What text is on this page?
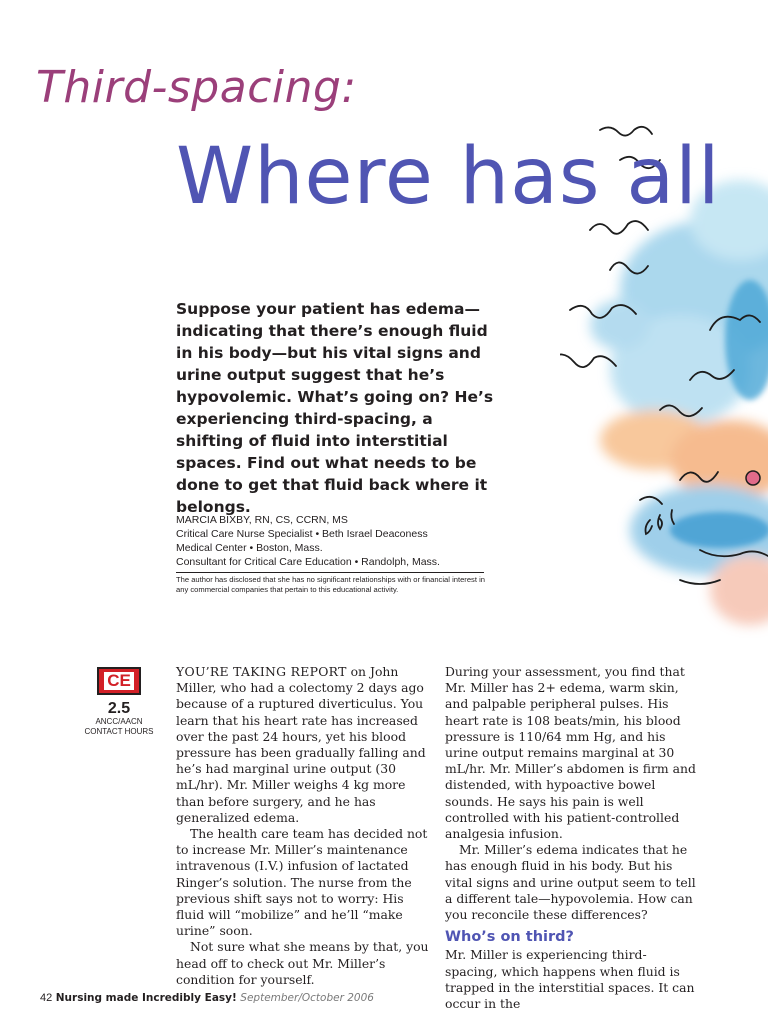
Third-spacing:
Where has all
Suppose your patient has edema—indicating that there’s enough fluid in his body—but his vital signs and urine output suggest that he’s hypovolemic. What’s going on? He’s experiencing third-spacing, a shifting of fluid into interstitial spaces. Find out what needs to be done to get that fluid back where it belongs.
MARCIA BIXBY, RN, CS, CCRN, MS
Critical Care Nurse Specialist • Beth Israel Deaconess
Medical Center • Boston, Mass.
Consultant for Critical Care Education • Randolph, Mass.
The author has disclosed that she has no significant relationships with or financial interest in any commercial companies that pertain to this educational activity.
CE
2.5
ANCC/AACN
CONTACT HOURS

YOU’RE TAKING REPORT on John Miller, who had a colectomy 2 days ago because of a ruptured diverticulus. You learn that his heart rate has increased over the past 24 hours, yet his blood pressure has been gradually falling and he’s had marginal urine output (30 mL/hr). Mr. Miller weighs 4 kg more than before surgery, and he has generalized edema.

The health care team has decided not to increase Mr. Miller’s maintenance intravenous (I.V.) infusion of lactated Ringer’s solution. The nurse from the previous shift says not to worry: His fluid will “mobilize” and he’ll “make urine” soon.

Not sure what she means by that, you head off to check out Mr. Miller’s condition for yourself.

During your assessment, you find that Mr. Miller has 2+ edema, warm skin, and palpable peripheral pulses. His heart rate is 108 beats/min, his blood pressure is 110/64 mm Hg, and his urine output remains marginal at 30 mL/hr. Mr. Miller’s abdomen is firm and distended, with hypoactive bowel sounds. He says his pain is well controlled with his patient-controlled analgesia infusion.

Mr. Miller’s edema indicates that he has enough fluid in his body. But his vital signs and urine output seem to tell a different tale—hypovolemia. How can you reconcile these differences?

Who’s on third?

Mr. Miller is experiencing third-spacing, which happens when fluid is trapped in the interstitial spaces. It can occur in the

42 Nursing made Incredibly Easy! September/October 2006
